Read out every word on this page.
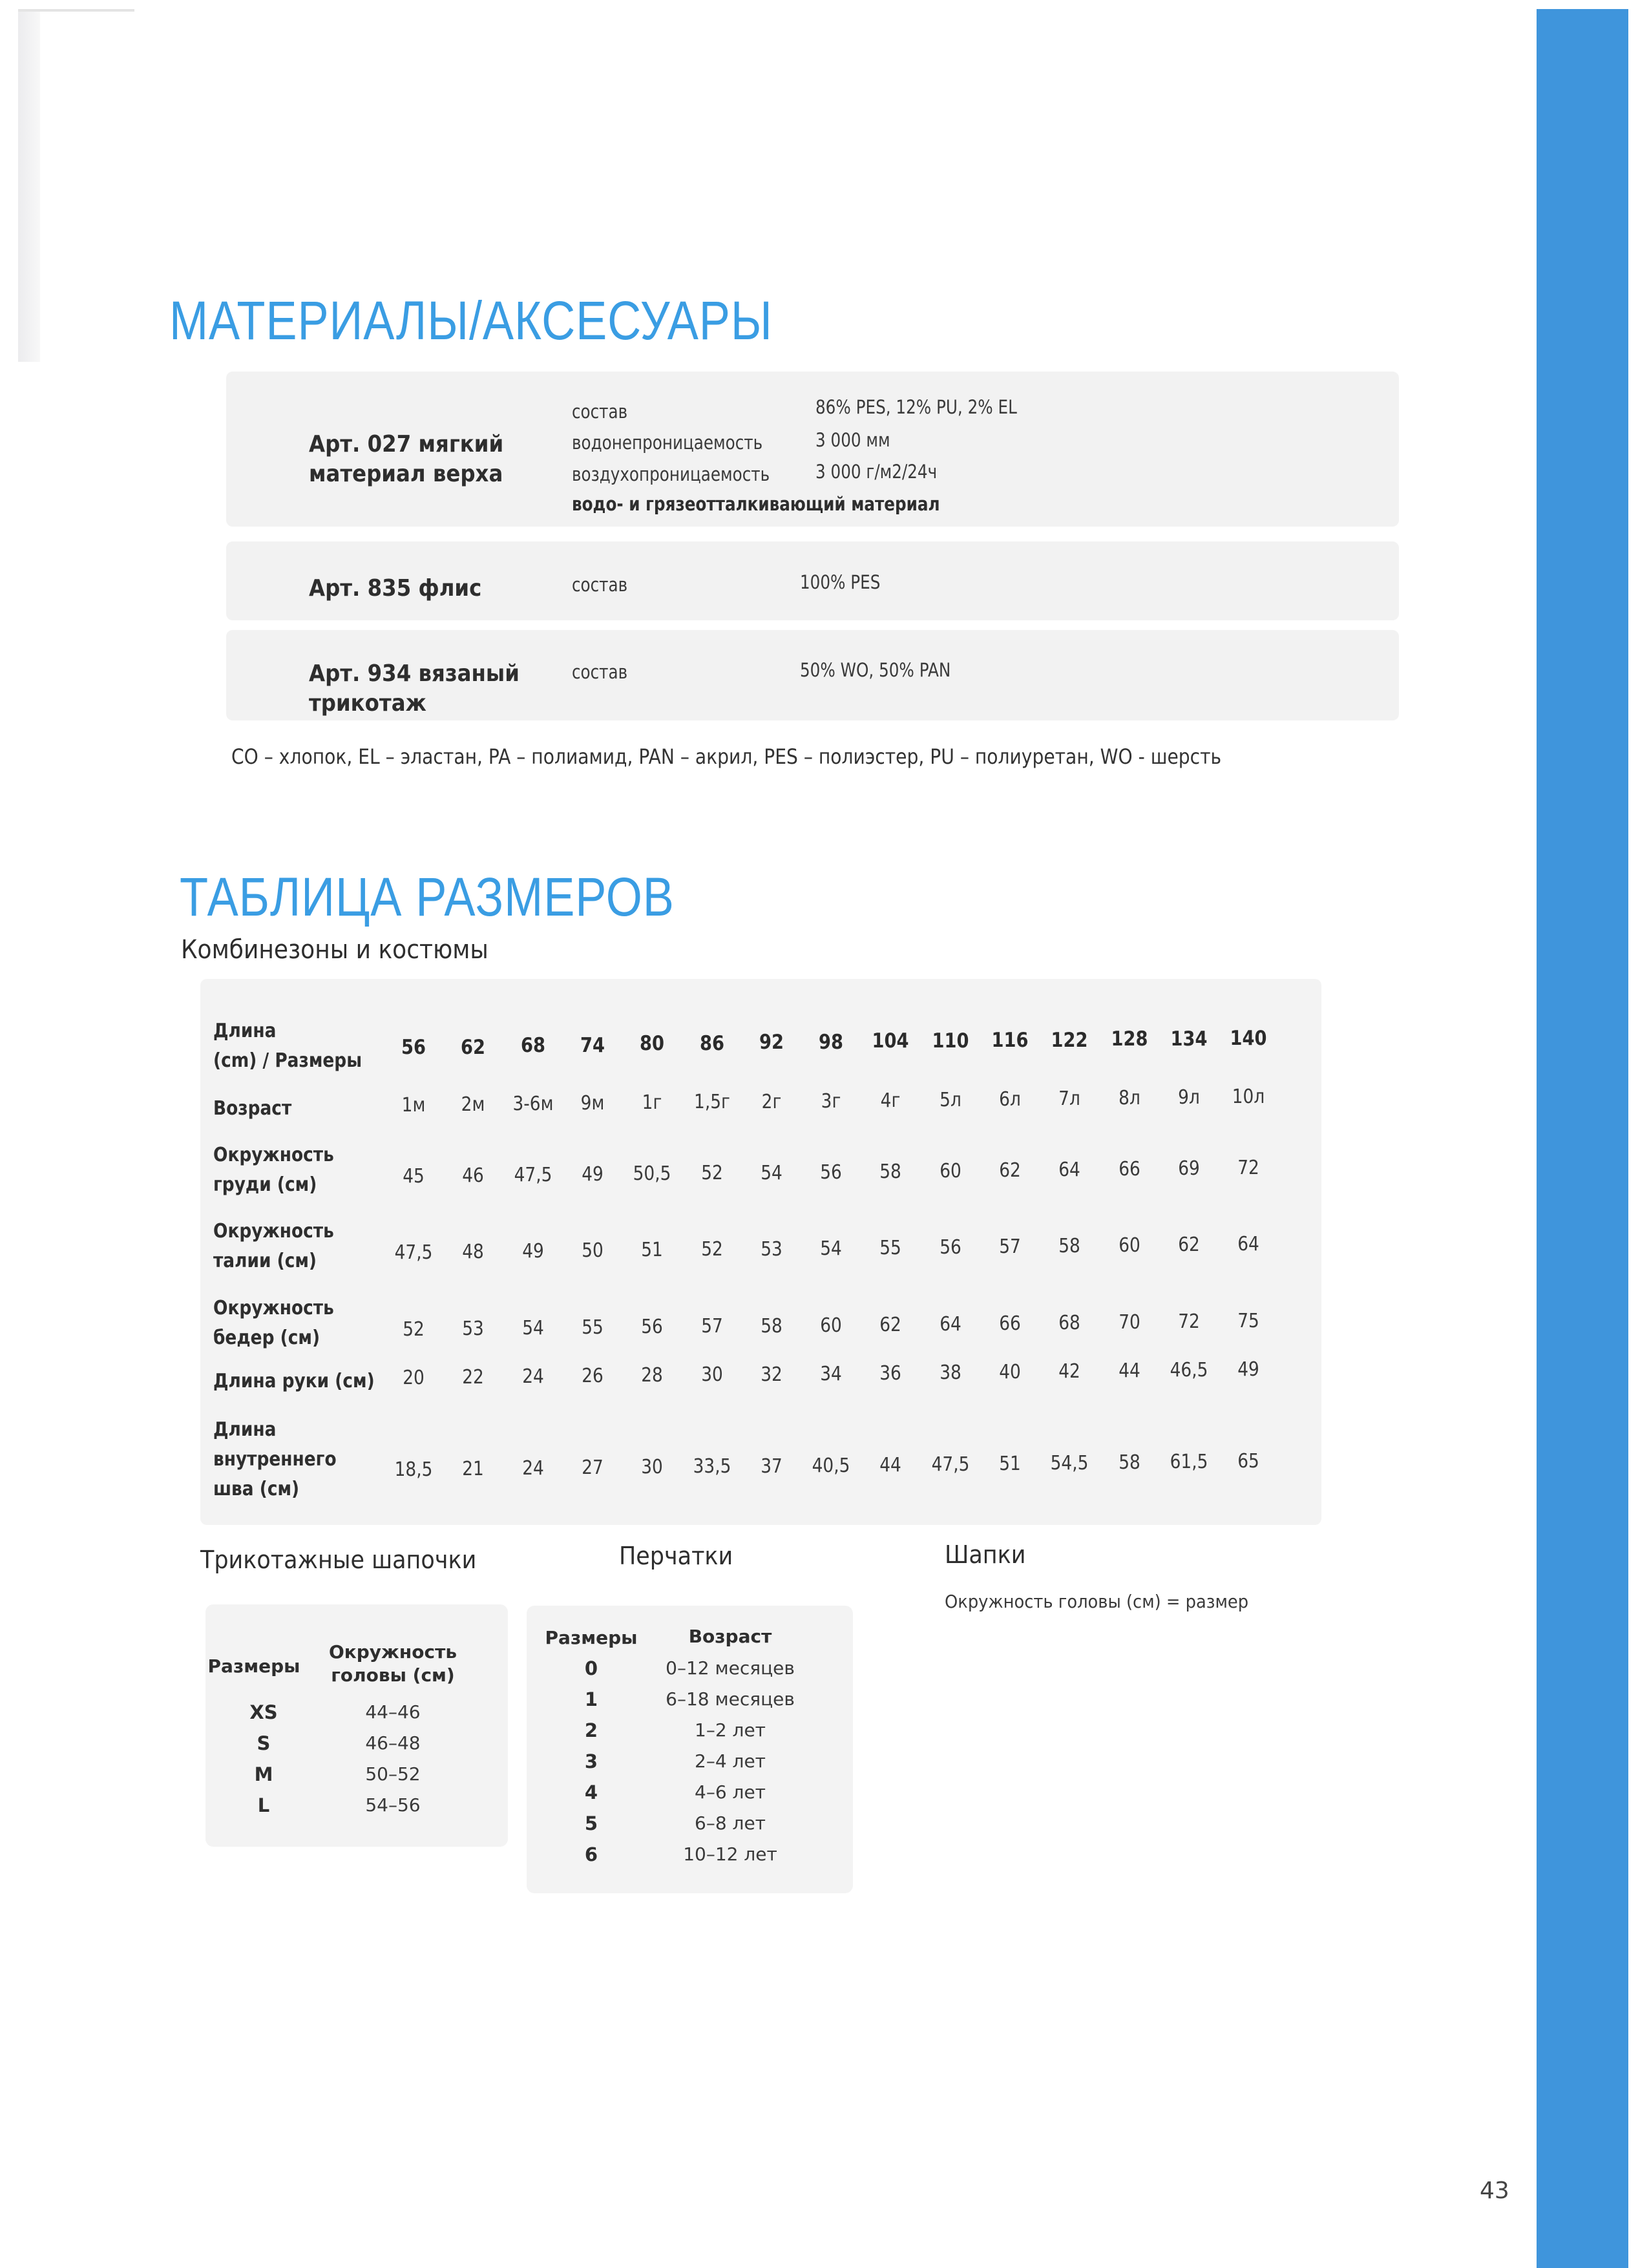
МАТЕРИАЛЫ/АКСЕСУАРЫ
Арт. 027 мягкий
материал верха
состав	86% PES, 12% PU, 2% EL
водонепроницаемость	3 000 мм
воздухопроницаемость 3 000 г/м2/24ч
водо- и грязеотталкивающий материал
Арт. 835 флис	состав	100% PES
Арт. 934 вязаный
трикотаж
состав	50% WO, 50% PAN
CO – хлопок, EL – эластан, PA – полиамид, PAN – акрил, PES – полиэстер, PU – полиуретан, WO - шерсть
ТАБЛИЦА РАЗМЕРОВ
Комбинезоны и костюмы
Длина
(cm) / Размеры
56	62	68	74	80	86	92	98	104	110	116	122	128	134	140
Возраст	1м	2м	3-6м	9м	1г	1,5г	2г	3г	4г	5л	6л	7л	8л	9л	10л
Окружность
груди (см)	45	46	47,5	49	50,5	52	54	56	58	60	62	64	66	69	72
Окружность
талии (см)	47,5	48	49	50	51	52	53	54	55	56	57	58	60	62	64
Окружность
бедер (см)	52	53	54	55	56	57	58	60	62	64	66	68	70	72	75
Длина руки (см)	20	22	24	26	28	30	32	34	36	38	40	42	44	46,5	49
Длина
внутреннего
шва (см)
18,5	21	24	27	30	33,5	37	40,5	44	47,5	51	54,5	58	61,5	65
Трикотажные шапочки	Перчатки	Шапки
Окружность головы (см) = размер
Размеры
Окружность
головы (см)
XS	44–46
S	46–48
M	50–52
L	54–56
Размеры	Возраст
0	0–12 месяцев
1	6–18 месяцев
2	1–2 лет
3	2–4 лет
4	4–6 лет
5	6–8 лет
6	10–12 лет
43
